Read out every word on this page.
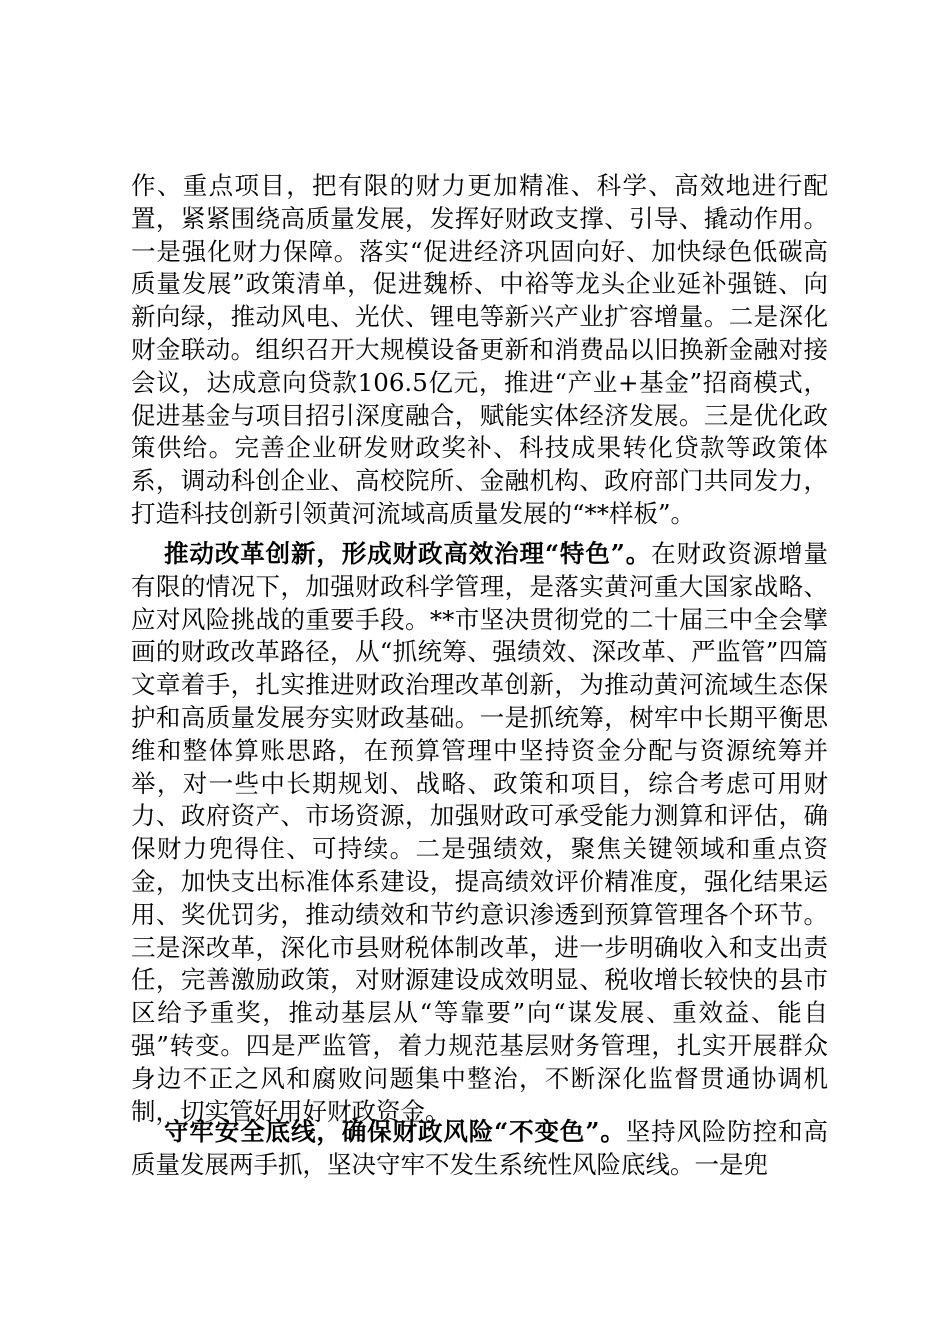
作、重点项目，把有限的财力更加精准、科学、高效地进行配置，紧紧围绕高质量发展，发挥好财政支撑、引导、撬动作用。一是强化财力保障。落实“促进经济巩固向好、加快绿色低碳高质量发展”政策清单，促进魏桥、中裕等龙头企业延补强链、向新向绿，推动风电、光伏、锂电等新兴产业扩容增量。二是深化财金联动。组织召开大规模设备更新和消费品以旧换新金融对接会议，达成意向贷款106.5亿元，推进“产业+基金”招商模式，促进基金与项目招引深度融合，赋能实体经济发展。三是优化政策供给。完善企业研发财政奖补、科技成果转化贷款等政策体系，调动科创企业、高校院所、金融机构、政府部门共同发力，打造科技创新引领黄河流域高质量发展的“**样板”。

推动改革创新，形成财政高效治理“特色”。在财政资源增量有限的情况下，加强财政科学管理，是落实黄河重大国家战略、应对风险挑战的重要手段。**市坚决贯彻党的二十届三中全会擘画的财政改革路径，从“抓统筹、强绩效、深改革、严监管”四篇文章着手，扎实推进财政治理改革创新，为推动黄河流域生态保护和高质量发展夯实财政基础。一是抓统筹，树牢中长期平衡思维和整体算账思路，在预算管理中坚持资金分配与资源统筹并举，对一些中长期规划、战略、政策和项目，综合考虑可用财力、政府资产、市场资源，加强财政可承受能力测算和评估，确保财力兜得住、可持续。二是强绩效，聚焦关键领域和重点资金，加快支出标准体系建设，提高绩效评价精准度，强化结果运用、奖优罚劣，推动绩效和节约意识渗透到预算管理各个环节。三是深改革，深化市县财税体制改革，进一步明确收入和支出责任，完善激励政策，对财源建设成效明显、税收增长较快的县市区给予重奖，推动基层从“等靠要”向“谋发展、重效益、能自强”转变。四是严监管，着力规范基层财务管理，扎实开展群众身边不正之风和腐败问题集中整治，不断深化监督贯通协调机制，切实管好用好财政资金。

守牢安全底线，确保财政风险“不变色”。坚持风险防控和高质量发展两手抓，坚决守牢不发生系统性风险底线。一是兜
